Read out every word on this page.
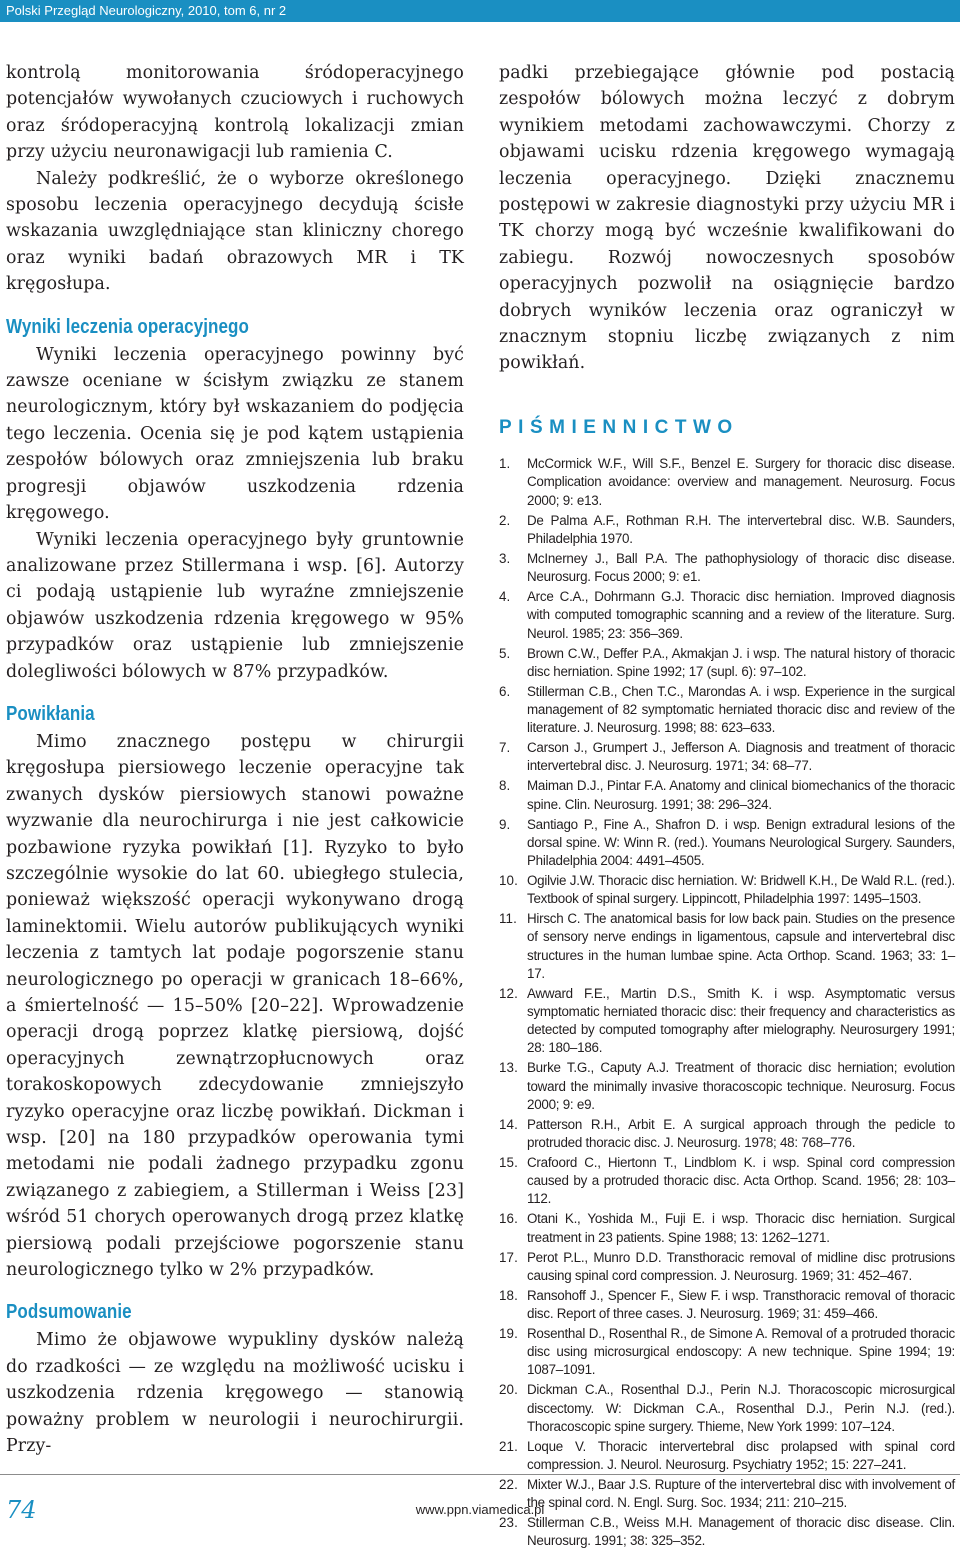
Polski Przegląd Neurologiczny, 2010, tom 6, nr 2

kontrolą monitorowania śródoperacyjnego potencjałów wywołanych czuciowych i ruchowych oraz śródoperacyjną kontrolą lokalizacji zmian przy użyciu neuronawigacji lub ramienia C.

Należy podkreślić, że o wyborze określonego sposobu leczenia operacyjnego decydują ścisłe wskazania uwzględniające stan kliniczny chorego oraz wyniki badań obrazowych MR i TK kręgosłupa.

Wyniki leczenia operacyjnego

Wyniki leczenia operacyjnego powinny być zawsze oceniane w ścisłym związku ze stanem neurologicznym, który był wskazaniem do podjęcia tego leczenia. Ocenia się je pod kątem ustąpienia zespołów bólowych oraz zmniejszenia lub braku progresji objawów uszkodzenia rdzenia kręgowego.

Wyniki leczenia operacyjnego były gruntownie analizowane przez Stillermana i wsp. [6]. Autorzy ci podają ustąpienie lub wyraźne zmniejszenie objawów uszkodzenia rdzenia kręgowego w 95% przypadków oraz ustąpienie lub zmniejszenie dolegliwości bólowych w 87% przypadków.

Powikłania

Mimo znacznego postępu w chirurgii kręgosłupa piersiowego leczenie operacyjne tak zwanych dysków piersiowych stanowi poważne wyzwanie dla neurochirurga i nie jest całkowicie pozbawione ryzyka powikłań [1]. Ryzyko to było szczególnie wysokie do lat 60. ubiegłego stulecia, ponieważ większość operacji wykonywano drogą laminektomii. Wielu autorów publikujących wyniki leczenia z tamtych lat podaje pogorszenie stanu neurologicznego po operacji w granicach 18–66%, a śmiertelność — 15–50% [20–22]. Wprowadzenie operacji drogą poprzez klatkę piersiową, dojść operacyjnych zewnątrzopłucnowych oraz torakoskopowych zdecydowanie zmniejszyło ryzyko operacyjne oraz liczbę powikłań. Dickman i wsp. [20] na 180 przypadków operowania tymi metodami nie podali żadnego przypadku zgonu związanego z zabiegiem, a Stillerman i Weiss [23] wśród 51 chorych operowanych drogą przez klatkę piersiową podali przejściowe pogorszenie stanu neurologicznego tylko w 2% przypadków.

Podsumowanie

Mimo że objawowe wypukliny dysków należą do rzadkości — ze względu na możliwość ucisku i uszkodzenia rdzenia kręgowego — stanowią poważny problem w neurologii i neurochirurgii. Przy-

padki przebiegające głównie pod postacią zespołów bólowych można leczyć z dobrym wynikiem metodami zachowawczymi. Chorzy z objawami ucisku rdzenia kręgowego wymagają leczenia operacyjnego. Dzięki znacznemu postępowi w zakresie diagnostyki przy użyciu MR i TK chorzy mogą być wcześnie kwalifikowani do zabiegu. Rozwój nowoczesnych sposobów operacyjnych pozwolił na osiągnięcie bardzo dobrych wyników leczenia oraz ograniczył w znacznym stopniu liczbę związanych z nim powikłań.

PIŚMIENNICTWO
1.	McCormick W.F., Will S.F., Benzel E. Surgery for thoracic disc disease. Complication avoidance: overview and management. Neurosurg. Focus 2000; 9: e13.
2.	De Palma A.F., Rothman R.H. The intervertebral disc. W.B. Saunders, Philadelphia 1970.
3.	McInerney J., Ball P.A. The pathophysiology of thoracic disc disease. Neurosurg. Focus 2000; 9: e1.
4.	Arce C.A., Dohrmann G.J. Thoracic disc herniation. Improved diagnosis with computed tomographic scanning and a review of the literature. Surg. Neurol. 1985; 23: 356–369.
5.	Brown C.W., Deffer P.A., Akmakjan J. i wsp. The natural history of thoracic disc herniation. Spine 1992; 17 (supl. 6): 97–102.
6.	Stillerman C.B., Chen T.C., Marondas A. i wsp. Experience in the surgical management of 82 symptomatic herniated thoracic disc and review of the literature. J. Neurosurg. 1998; 88: 623–633.
7.	Carson J., Grumpert J., Jefferson A. Diagnosis and treatment of thoracic intervertebral disc. J. Neurosurg. 1971; 34: 68–77.
8.	Maiman D.J., Pintar F.A. Anatomy and clinical biomechanics of the thoracic spine. Clin. Neurosurg. 1991; 38: 296–324.
9.	Santiago P., Fine A., Shafron D. i wsp. Benign extradural lesions of the dorsal spine. W: Winn R. (red.). Youmans Neurological Surgery. Saunders, Philadelphia 2004: 4491–4505.
10. Ogilvie J.W. Thoracic disc herniation. W: Bridwell K.H., De Wald R.L. (red.). Textbook of spinal surgery. Lippincott, Philadelphia 1997: 1495–1503.
11. Hirsch C. The anatomical basis for low back pain. Studies on the presence of sensory nerve endings in ligamentous, capsule and intervertebral disc structures in the human lumbae spine. Acta Orthop. Scand. 1963; 33: 1–17.
12. Awward F.E., Martin D.S., Smith K. i wsp. Asymptomatic versus symptomatic herniated thoracic disc: their frequency and characteristics as detected by computed tomography after mielography. Neurosurgery 1991; 28: 180–186.
13. Burke T.G., Caputy A.J. Treatment of thoracic disc herniation; evolution toward the minimally invasive thoracoscopic technique. Neurosurg. Focus 2000; 9: e9.
14. Patterson R.H., Arbit E. A surgical approach through the pedicle to protruded thoracic disc. J. Neurosurg. 1978; 48: 768–776.
15. Crafoord C., Hiertonn T., Lindblom K. i wsp. Spinal cord compression caused by a protruded thoracic disc. Acta Orthop. Scand. 1956; 28: 103–112.
16. Otani K., Yoshida M., Fuji E. i wsp. Thoracic disc herniation. Surgical treatment in 23 patients. Spine 1988; 13: 1262–1271.
17. Perot P.L., Munro D.D. Transthoracic removal of midline disc protrusions causing spinal cord compression. J. Neurosurg. 1969; 31: 452–467.
18. Ransohoff J., Spencer F., Siew F. i wsp. Transthoracic removal of thoracic disc. Report of three cases. J. Neurosurg. 1969; 31: 459–466.
19. Rosenthal D., Rosenthal R., de Simone A. Removal of a protruded thoracic disc using microsurgical endoscopy: A new technique. Spine 1994; 19: 1087–1091.
20. Dickman C.A., Rosenthal D.J., Perin N.J. Thoracoscopic microsurgical discectomy. W: Dickman C.A., Rosenthal D.J., Perin N.J. (red.). Thoracoscopic spine surgery. Thieme, New York 1999: 107–124.
21. Loque V. Thoracic intervertebral disc prolapsed with spinal cord compression. J. Neurol. Neurosurg. Psychiatry 1952; 15: 227–241.
22. Mixter W.J., Baar J.S. Rupture of the intervertebral disc with involvement of the spinal cord. N. Engl. Surg. Soc. 1934; 211: 210–215.
23. Stillerman C.B., Weiss M.H. Management of thoracic disc disease. Clin. Neurosurg. 1991; 38: 325–352.
74	www.ppn.viamedica.pl
